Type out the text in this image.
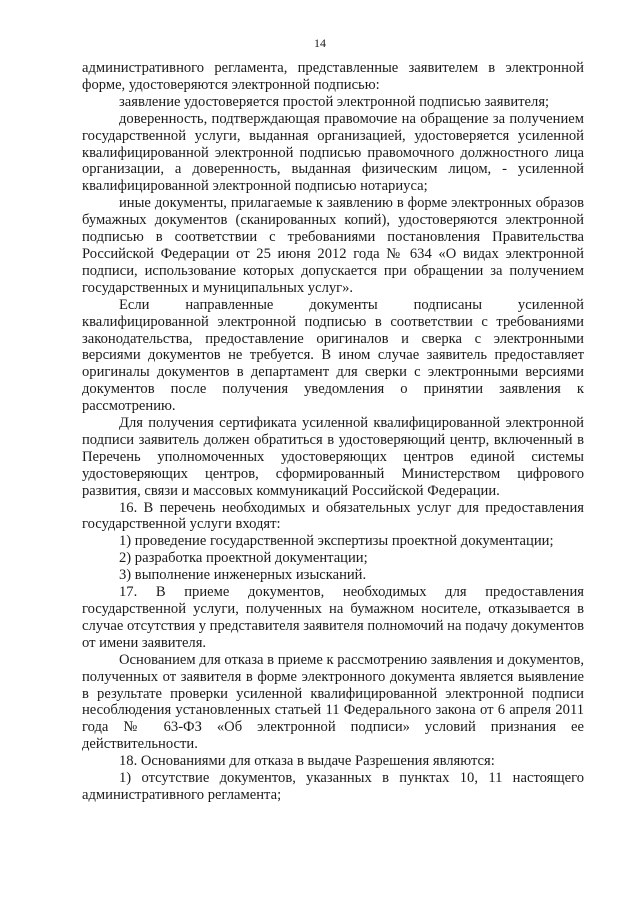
14

административного регламента, представленные заявителем в электронной форме, удостоверяются электронной подписью:

заявление удостоверяется простой электронной подписью заявителя;

доверенность, подтверждающая правомочие на обращение за получением государственной услуги, выданная организацией, удостоверяется усиленной квалифицированной электронной подписью правомочного должностного лица организации, а доверенность, выданная физическим лицом, - усиленной квалифицированной электронной подписью нотариуса;

иные документы, прилагаемые к заявлению в форме электронных образов бумажных документов (сканированных копий), удостоверяются электронной подписью в соответствии с требованиями постановления Правительства Российской Федерации от 25 июня 2012 года № 634 «О видах электронной подписи, использование которых допускается при обращении за получением государственных и муниципальных услуг».

Если направленные документы подписаны усиленной квалифицированной электронной подписью в соответствии с требованиями законодательства, предоставление оригиналов и сверка с электронными версиями документов не требуется. В ином случае заявитель предоставляет оригиналы документов в департамент для сверки с электронными версиями документов после получения уведомления о принятии заявления к рассмотрению.

Для получения сертификата усиленной квалифицированной электронной подписи заявитель должен обратиться в удостоверяющий центр, включенный в Перечень уполномоченных удостоверяющих центров единой системы удостоверяющих центров, сформированный Министерством цифрового развития, связи и массовых коммуникаций Российской Федерации.

16. В перечень необходимых и обязательных услуг для предоставления государственной услуги входят:

1) проведение государственной экспертизы проектной документации;

2) разработка проектной документации;

3) выполнение инженерных изысканий.

17. В приеме документов, необходимых для предоставления государственной услуги, полученных на бумажном носителе, отказывается в случае отсутствия у представителя заявителя полномочий на подачу документов от имени заявителя.

Основанием для отказа в приеме к рассмотрению заявления и документов, полученных от заявителя в форме электронного документа является выявление в результате проверки усиленной квалифицированной электронной подписи несоблюдения установленных статьей 11 Федерального закона от 6 апреля 2011 года № 63-ФЗ «Об электронной подписи» условий признания ее действительности.

18. Основаниями для отказа в выдаче Разрешения являются:

1) отсутствие документов, указанных в пунктах 10, 11 настоящего административного регламента;
